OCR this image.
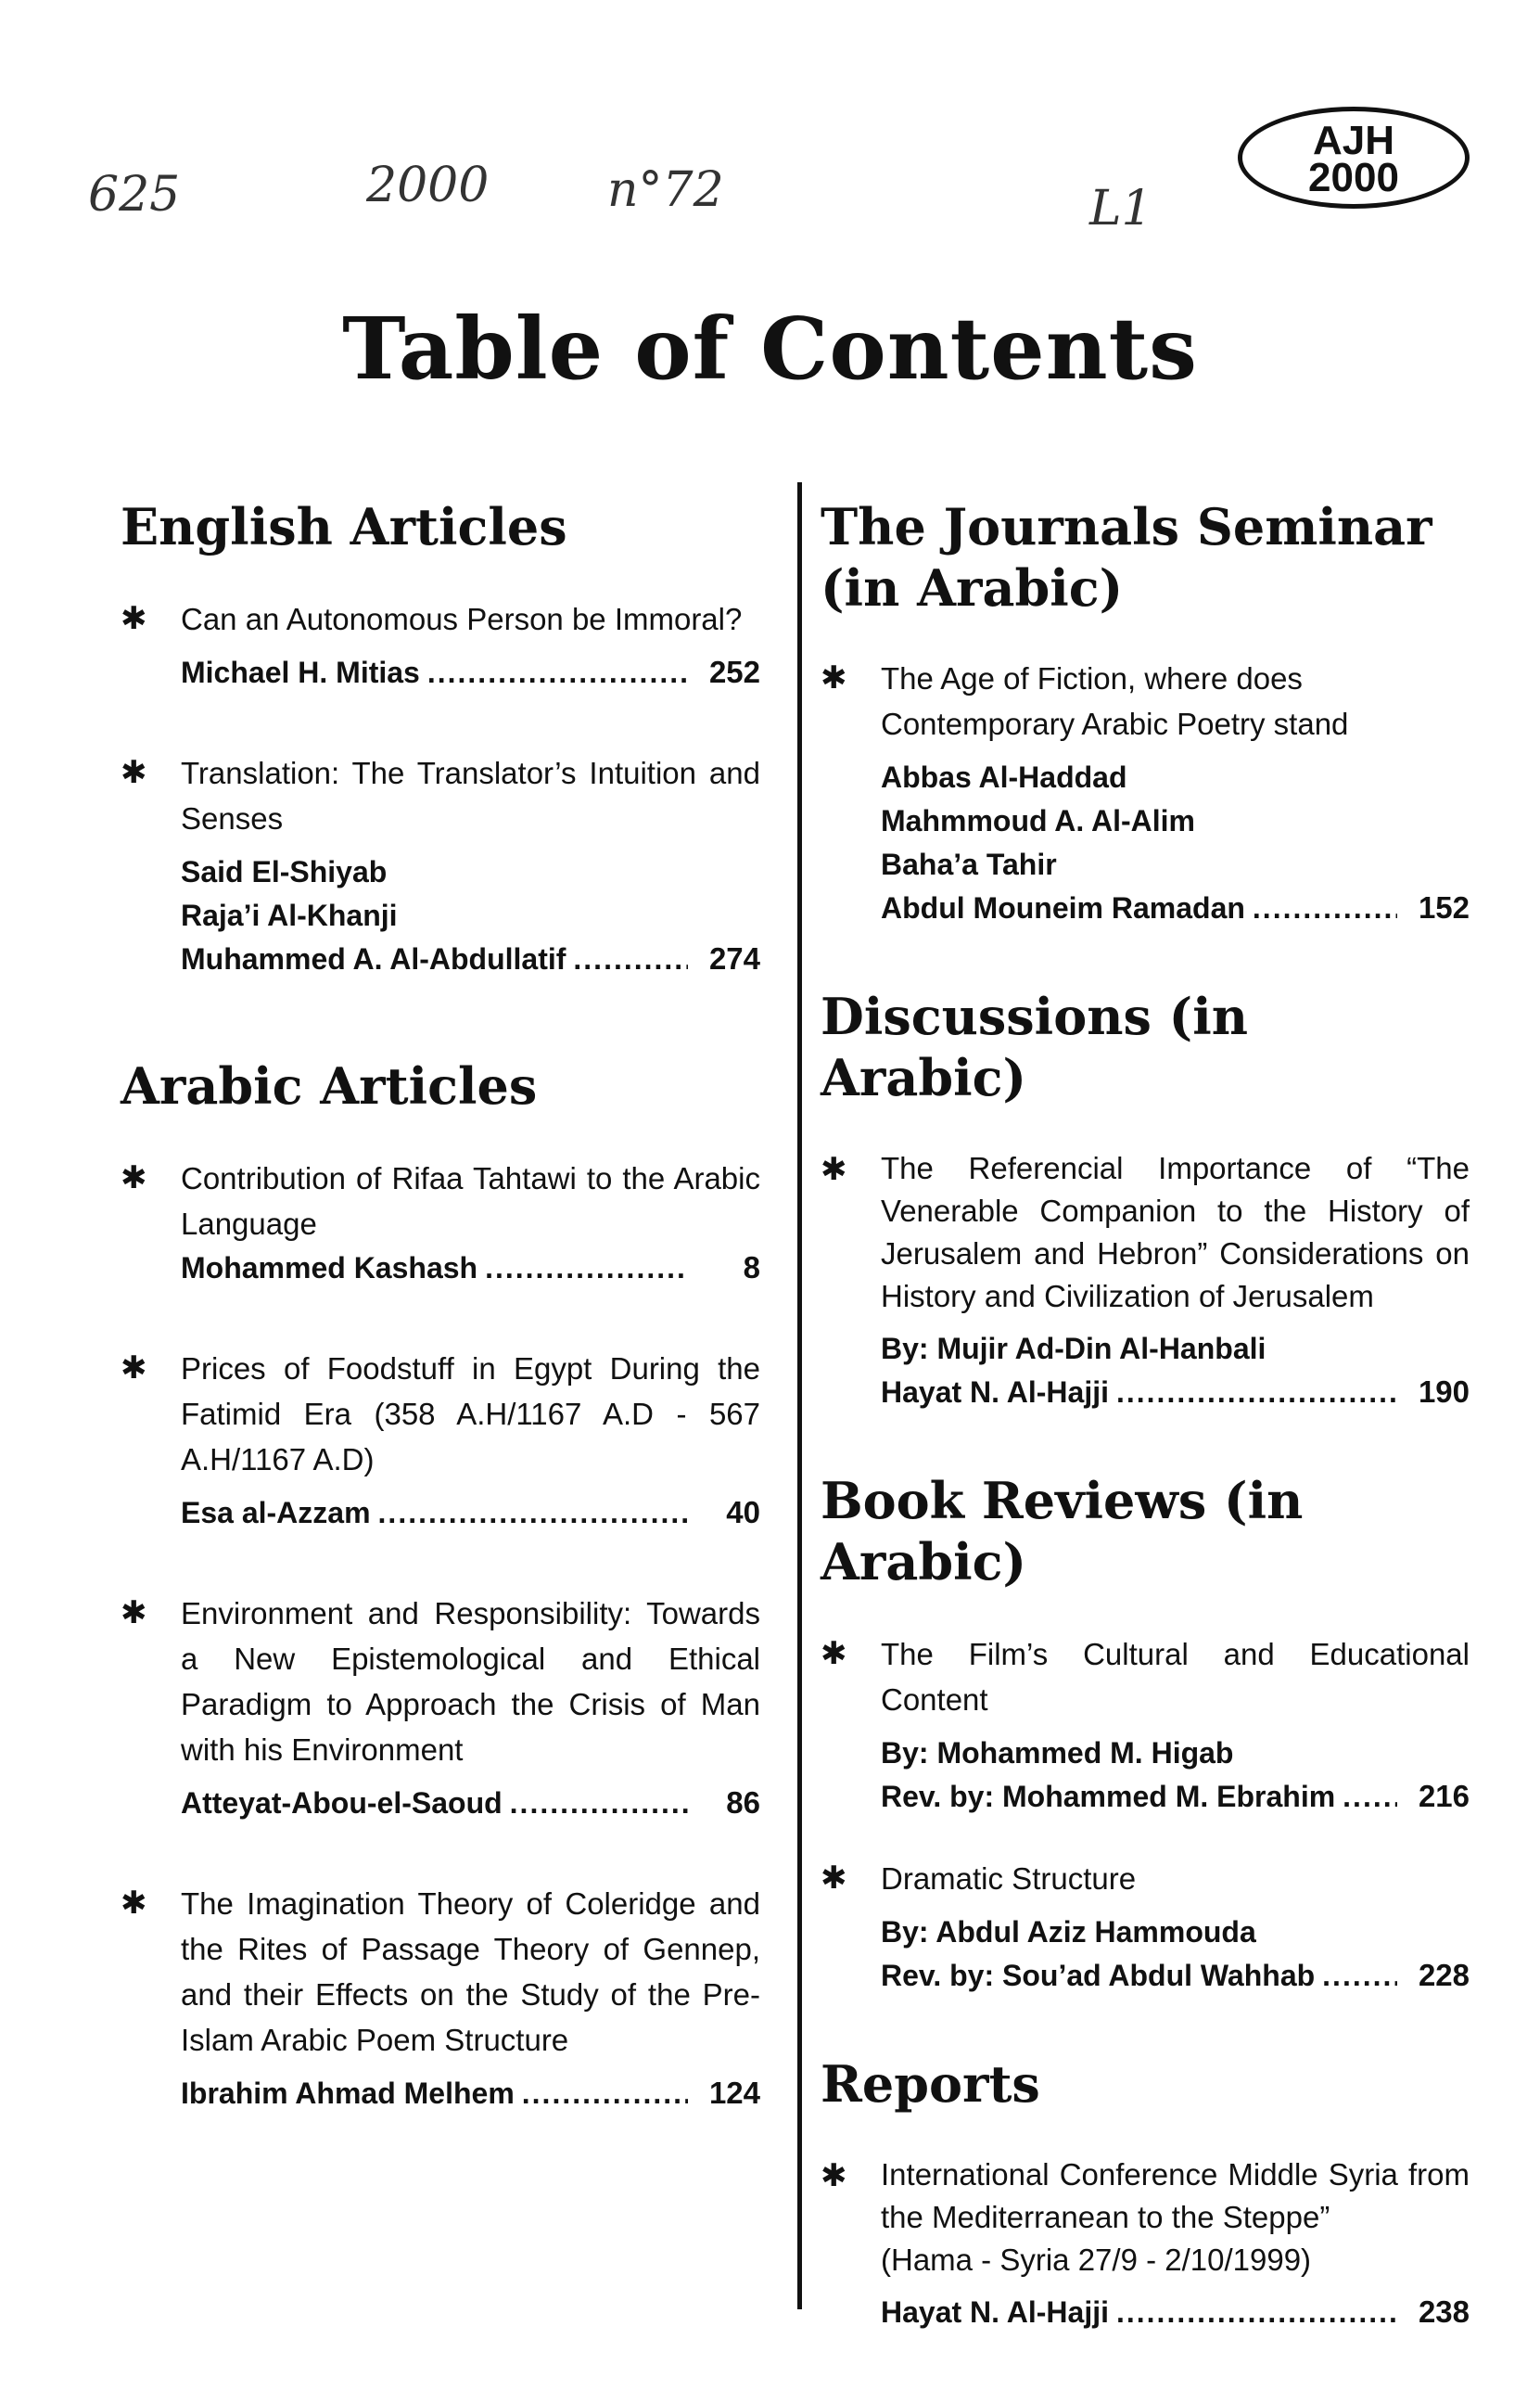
625	2000 n°72	L1
AJH
2000
Table of Contents
English Articles
✱ Can an Autonomous Person be Immoral?
Michael H. Mitias .....	252
✱ Translation: The Translator’s Intuition and Senses
Said El-Shiyab
Raja’i Al-Khanji
Muhammed A. Al-Abdullatif .....	274
Arabic Articles
✱ Contribution of Rifaa Tahtawi to the Arabic Language
Mohammed Kashash .....	8
✱ Prices of Foodstuff in Egypt During the Fatimid Era (358 A.H/1167 A.D - 567 A.H/1167 A.D)
Esa al-Azzam .....	40
✱ Environment and Responsibility: Towards a New Epistemological and Ethical Paradigm to Approach the Crisis of Man with his Environment
Atteyat-Abou-el-Saoud .....	86
✱ The Imagination Theory of Coleridge and the Rites of Passage Theory of Gennep, and their Effects on the Study of the Pre-Islam Arabic Poem Structure
Ibrahim Ahmad Melhem .....	124
The Journals Seminar
(in Arabic)
✱ The Age of Fiction, where does Contemporary Arabic Poetry stand
Abbas Al-Haddad
Mahmmoud A. Al-Alim
Baha’a Tahir
Abdul Mouneim Ramadan .....	152
Discussions (in Arabic)
✱ The Referencial Importance of “The Venerable Companion to the History of Jerusalem and Hebron” Considerations on History and Civilization of Jerusalem
By: Mujir Ad-Din Al-Hanbali
Hayat N. Al-Hajji .....	190
Book Reviews (in Arabic)
✱ The Film’s Cultural and Educational Content
By: Mohammed M. Higab
Rev. by: Mohammed M. Ebrahim .....	216
✱ Dramatic Structure
By: Abdul Aziz Hammouda
Rev. by: Sou’ad Abdul Wahhab .....	228
Reports
✱ International Conference Middle Syria from the Mediterranean to the Steppe”
(Hama - Syria 27/9 - 2/10/1999)
Hayat N. Al-Hajji .....	238
